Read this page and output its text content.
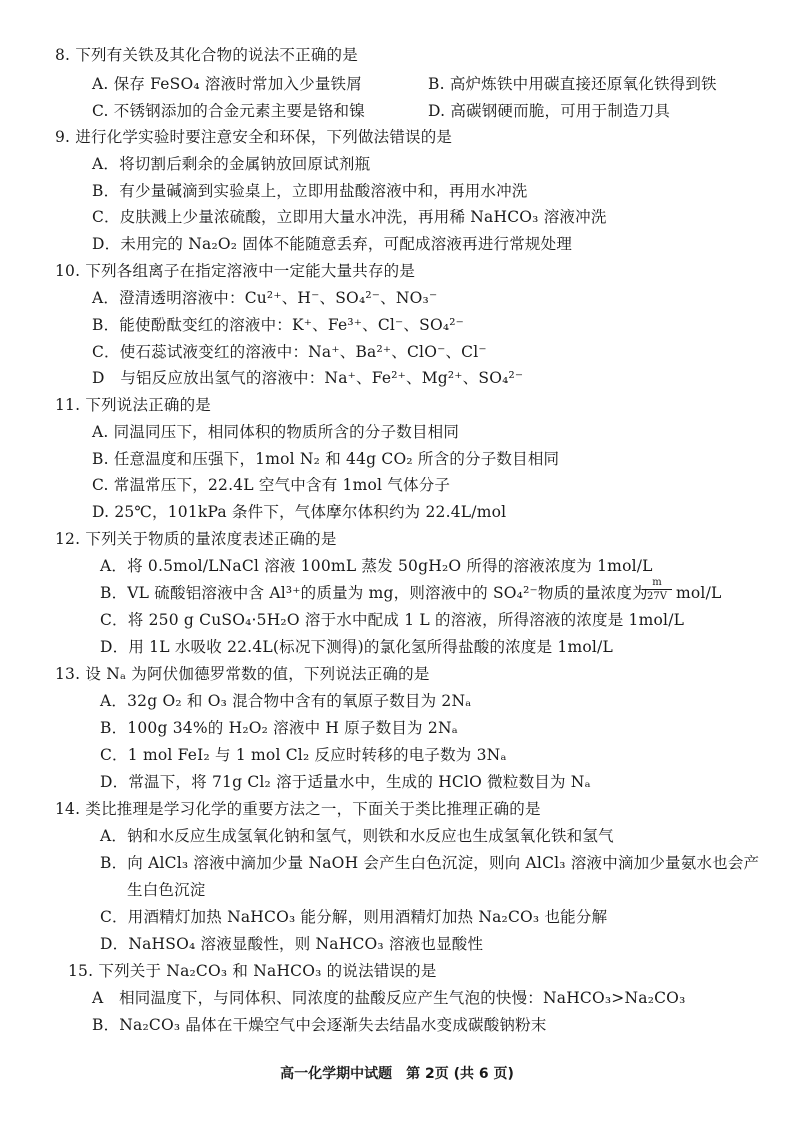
8. 下列有关铁及其化合物的说法不正确的是
A. 保存 FeSO₄ 溶液时常加入少量铁屑	B. 高炉炼铁中用碳直接还原氧化铁得到铁
C. 不锈钢添加的合金元素主要是铬和镍	D. 高碳钢硬而脆，可用于制造刀具
9. 进行化学实验时要注意安全和环保，下列做法错误的是
A．将切割后剩余的金属钠放回原试剂瓶
B．有少量碱滴到实验桌上，立即用盐酸溶液中和，再用水冲洗
C．皮肤溅上少量浓硫酸，立即用大量水冲洗，再用稀 NaHCO₃ 溶液冲洗
D．未用完的 Na₂O₂ 固体不能随意丢弃，可配成溶液再进行常规处理
10. 下列各组离子在指定溶液中一定能大量共存的是
A．澄清透明溶液中：Cu²⁺、H⁻、SO₄²⁻、NO₃⁻
B．能使酚酞变红的溶液中：K⁺、Fe³⁺、Cl⁻、SO₄²⁻
C．使石蕊试液变红的溶液中：Na⁺、Ba²⁺、ClO⁻、Cl⁻
D　与铝反应放出氢气的溶液中：Na⁺、Fe²⁺、Mg²⁺、SO₄²⁻
11. 下列说法正确的是
A. 同温同压下，相同体积的物质所含的分子数目相同
B. 任意温度和压强下，1mol N₂ 和 44g CO₂ 所含的分子数目相同
C. 常温常压下，22.4L 空气中含有 1mol 气体分子
D. 25℃，101kPa 条件下，气体摩尔体积约为 22.4L/mol
12. 下列关于物质的量浓度表述正确的是
A．将 0.5mol/LNaCl 溶液 100mL 蒸发 50gH₂O 所得的溶液浓度为 1mol/L
B．VL 硫酸铝溶液中含 Al³⁺的质量为 mg，则溶液中的 SO₄²⁻物质的量浓度为
$\frac{m}{27V} mol/L$
C．将 250 g CuSO₄·5H₂O 溶于水中配成 1 L 的溶液，所得溶液的浓度是 1mol/L
D．用 1L 水吸收 22.4L(标况下测得)的氯化氢所得盐酸的浓度是 1mol/L
13. 设 Nₐ 为阿伏伽德罗常数的值，下列说法正确的是
A．32g O₂ 和 O₃ 混合物中含有的氧原子数目为 2Nₐ
B．100g 34%的 H₂O₂ 溶液中 H 原子数目为 2Nₐ
C．1 mol FeI₂ 与 1 mol Cl₂ 反应时转移的电子数为 3Nₐ
D．常温下，将 71g Cl₂ 溶于适量水中，生成的 HClO 微粒数目为 Nₐ
14. 类比推理是学习化学的重要方法之一，下面关于类比推理正确的是
A．钠和水反应生成氢氧化钠和氢气，则铁和水反应也生成氢氧化铁和氢气
B．向 AlCl₃ 溶液中滴加少量 NaOH 会产生白色沉淀，则向 AlCl₃ 溶液中滴加少量氨水也会产
生白色沉淀
C．用酒精灯加热 NaHCO₃ 能分解，则用酒精灯加热 Na₂CO₃ 也能分解
D．NaHSO₄ 溶液显酸性，则 NaHCO₃ 溶液也显酸性
15. 下列关于 Na₂CO₃ 和 NaHCO₃ 的说法错误的是
A　相同温度下，与同体积、同浓度的盐酸反应产生气泡的快慢：NaHCO₃>Na₂CO₃
B．Na₂CO₃ 晶体在干燥空气中会逐渐失去结晶水变成碳酸钠粉末
高一化学期中试题　第 2页 (共 6 页)
